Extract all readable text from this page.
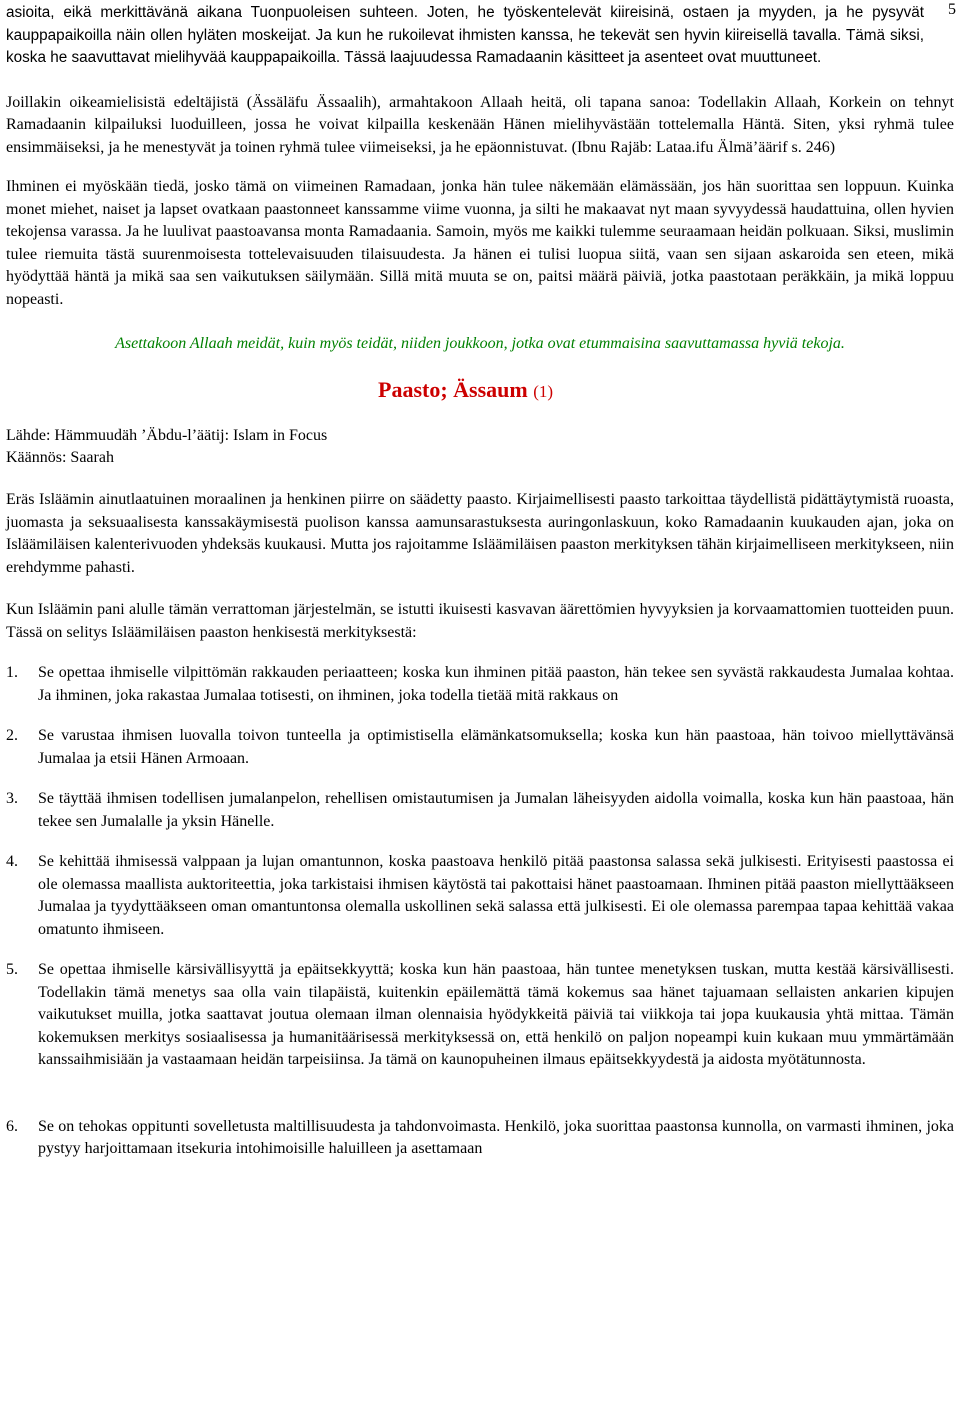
5

asioita, eikä merkittävänä aikana Tuonpuoleisen suhteen. Joten, he työskentelevät kiireisinä, ostaen ja myyden, ja he pysyvät kauppapaikoilla näin ollen hyläten moskeijat. Ja kun he rukoilevat ihmisten kanssa, he tekevät sen hyvin kiireisellä tavalla. Tämä siksi, koska he saavuttavat mielihyvää kauppapaikoilla. Tässä laajuudessa Ramadaanin käsitteet ja asenteet ovat muuttuneet.

Joillakin oikeamielisistä edeltäjistä (Ässäläfu Ässaalih), armahtakoon Allaah heitä, oli tapana sanoa: Todellakin Allaah, Korkein on tehnyt Ramadaanin kilpailuksi luoduilleen, jossa he voivat kilpailla keskenään Hänen mielihyvästään tottelemalla Häntä. Siten, yksi ryhmä tulee ensimmäiseksi, ja he menestyvät ja toinen ryhmä tulee viimeiseksi, ja he epäonnistuvat. (Ibnu Rajäb: Lataa.ifu Älmä’äärif s. 246)

Ihminen ei myöskään tiedä, josko tämä on viimeinen Ramadaan, jonka hän tulee näkemään elämässään, jos hän suorittaa sen loppuun. Kuinka monet miehet, naiset ja lapset ovatkaan paastonneet kanssamme viime vuonna, ja silti he makaavat nyt maan syvyydessä haudattuina, ollen hyvien tekojensa varassa. Ja he luulivat paastoavansa monta Ramadaania. Samoin, myös me kaikki tulemme seuraamaan heidän polkuaan. Siksi, muslimin tulee riemuita tästä suurenmoisesta tottelevaisuuden tilaisuudesta. Ja hänen ei tulisi luopua siitä, vaan sen sijaan askaroida sen eteen, mikä hyödyttää häntä ja mikä saa sen vaikutuksen säilymään. Sillä mitä muuta se on, paitsi määrä päiviä, jotka paastotaan peräkkäin, ja mikä loppuu nopeasti.

Asettakoon Allaah meidät, kuin myös teidät, niiden joukkoon, jotka ovat etummaisina saavuttamassa hyviä tekoja.

Paasto; Ässaum (1)
Lähde: Hämmuudäh ’Äbdu-l’äätij: Islam in Focus
Käännös: Saarah

Eräs Isläämin ainutlaatuinen moraalinen ja henkinen piirre on säädetty paasto. Kirjaimellisesti paasto tarkoittaa täydellistä pidättäytymistä ruoasta, juomasta ja seksuaalisesta kanssakäymisestä puolison kanssa aamunsarastuksesta auringonlaskuun, koko Ramadaanin kuukauden ajan, joka on Isläämiläisen kalenterivuoden yhdeksäs kuukausi. Mutta jos rajoitamme Isläämiläisen paaston merkityksen tähän kirjaimelliseen merkitykseen, niin erehdymme pahasti.

Kun Isläämin pani alulle tämän verrattoman järjestelmän, se istutti ikuisesti kasvavan äärettömien hyvyyksien ja korvaamattomien tuotteiden puun. Tässä on selitys Isläämiläisen paaston henkisestä merkityksestä:

1.	Se opettaa ihmiselle vilpittömän rakkauden periaatteen; koska kun ihminen pitää paaston, hän tekee sen syvästä rakkaudesta Jumalaa kohtaa. Ja ihminen, joka rakastaa Jumalaa totisesti, on ihminen, joka todella tietää mitä rakkaus on
2.	Se varustaa ihmisen luovalla toivon tunteella ja optimistisella elämänkatsomuksella; koska kun hän paastoaa, hän toivoo miellyttävänsä Jumalaa ja etsii Hänen Armoaan.
3.	Se täyttää ihmisen todellisen jumalanpelon, rehellisen omistautumisen ja Jumalan läheisyyden aidolla voimalla, koska kun hän paastoaa, hän tekee sen Jumalalle ja yksin Hänelle.
4.	Se kehittää ihmisessä valppaan ja lujan omantunnon, koska paastoava henkilö pitää paastonsa salassa sekä julkisesti. Erityisesti paastossa ei ole olemassa maallista auktoriteettia, joka tarkistaisi ihmisen käytöstä tai pakottaisi hänet paastoamaan. Ihminen pitää paaston miellyttääkseen Jumalaa ja tyydyttääkseen oman omantuntonsa olemalla uskollinen sekä salassa että julkisesti. Ei ole olemassa parempaa tapaa kehittää vakaa omatunto ihmiseen.
5.	Se opettaa ihmiselle kärsivällisyyttä ja epäitsekkyyttä; koska kun hän paastoaa, hän tuntee menetyksen tuskan, mutta kestää kärsivällisesti. Todellakin tämä menetys saa olla vain tilapäistä, kuitenkin epäilemättä tämä kokemus saa hänet tajuamaan sellaisten ankarien kipujen vaikutukset muilla, jotka saattavat joutua olemaan ilman olennaisia hyödykkeitä päiviä tai viikkoja tai jopa kuukausia yhtä mittaa. Tämän kokemuksen merkitys sosiaalisessa ja humanitäärisessä merkityksessä on, että henkilö on paljon nopeampi kuin kukaan muu ymmärtämään kanssaihmisiään ja vastaamaan heidän tarpeisiinsa. Ja tämä on kaunopuheinen ilmaus epäitsekkyydestä ja aidosta myötätunnosta.
6.	Se on tehokas oppitunti sovelletusta maltillisuudesta ja tahdonvoimasta. Henkilö, joka suorittaa paastonsa kunnolla, on varmasti ihminen, joka pystyy harjoittamaan itsekuria intohimoisille haluilleen ja asettamaan
